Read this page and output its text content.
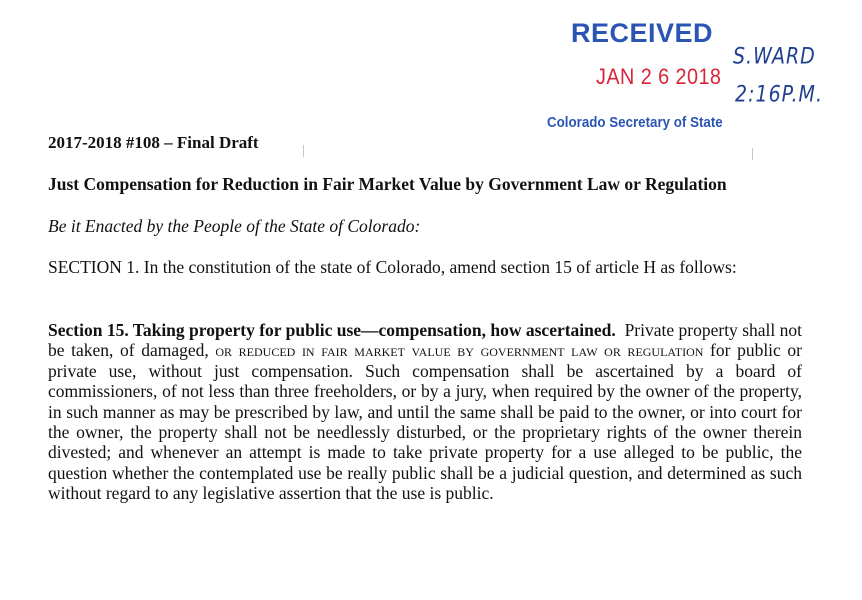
RECEIVED
JAN 2 6 2018
Colorado Secretary of State
S.WARD
2:16P.M.
2017-2018 #108 – Final Draft
Just Compensation for Reduction in Fair Market Value by Government Law or Regulation
Be it Enacted by the People of the State of Colorado:
SECTION 1. In the constitution of the state of Colorado, amend section 15 of article H as follows:
Section 15. Taking property for public use—compensation, how ascertained. Private property shall not be taken, of damaged, or reduced in fair market value by government law or regulation for public or private use, without just compensation. Such compensation shall be ascertained by a board of commissioners, of not less than three freeholders, or by a jury, when required by the owner of the property, in such manner as may be prescribed by law, and until the same shall be paid to the owner, or into court for the owner, the property shall not be needlessly disturbed, or the proprietary rights of the owner therein divested; and whenever an attempt is made to take private property for a use alleged to be public, the question whether the contemplated use be really public shall be a judicial question, and determined as such without regard to any legislative assertion that the use is public.
